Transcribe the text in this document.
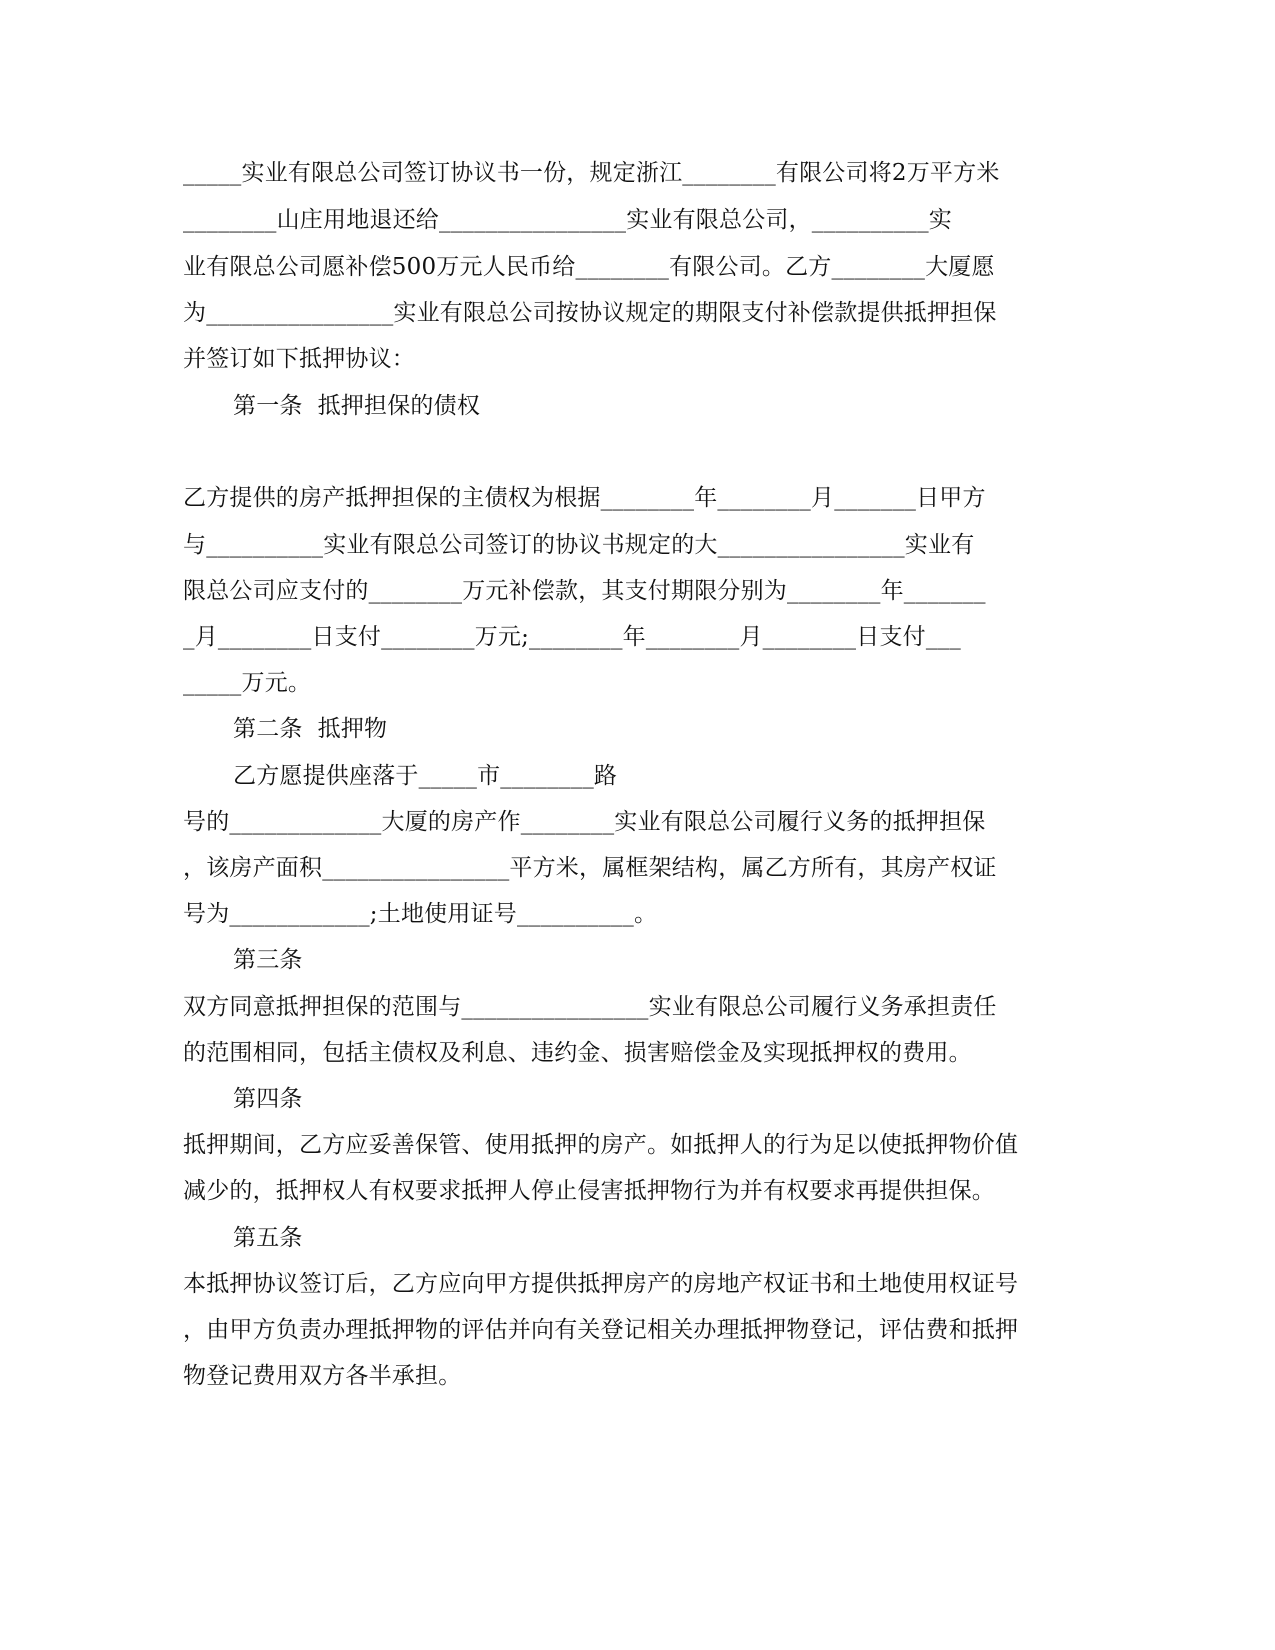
_____实业有限总公司签订协议书一份，规定浙江________有限公司将2万平方米
________山庄用地退还给________________实业有限总公司，__________实
业有限总公司愿补偿500万元人民币给________有限公司。乙方________大厦愿
为________________实业有限总公司按协议规定的期限支付补偿款提供抵押担保
并签订如下抵押协议：
第一条  抵押担保的债权
乙方提供的房产抵押担保的主债权为根据________年________月_______日甲方
与__________实业有限总公司签订的协议书规定的大________________实业有
限总公司应支付的________万元补偿款，其支付期限分别为________年_______
_月________日支付________万元;________年________月________日支付___
_____万元。
第二条  抵押物
乙方愿提供座落于_____市________路
号的_____________大厦的房产作________实业有限总公司履行义务的抵押担保
，该房产面积________________平方米，属框架结构，属乙方所有，其房产权证
号为____________;土地使用证号__________。
第三条
双方同意抵押担保的范围与________________实业有限总公司履行义务承担责任
的范围相同，包括主债权及利息、违约金、损害赔偿金及实现抵押权的费用。
第四条
抵押期间，乙方应妥善保管、使用抵押的房产。如抵押人的行为足以使抵押物价值
减少的，抵押权人有权要求抵押人停止侵害抵押物行为并有权要求再提供担保。
第五条
本抵押协议签订后，乙方应向甲方提供抵押房产的房地产权证书和土地使用权证号
，由甲方负责办理抵押物的评估并向有关登记相关办理抵押物登记，评估费和抵押
物登记费用双方各半承担。
